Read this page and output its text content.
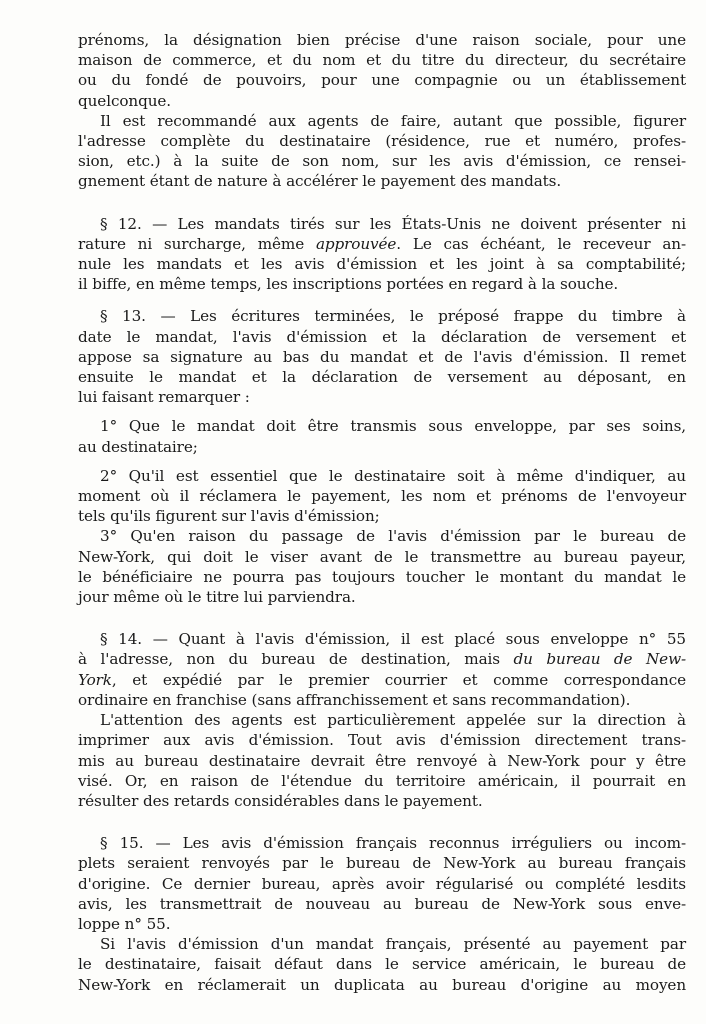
prénoms, la désignation bien précise d'une raison sociale, pour une
maison de commerce, et du nom et du titre du directeur, du secrétaire
ou du fondé de pouvoirs, pour une compagnie ou un établissement
quelconque.
Il est recommandé aux agents de faire, autant que possible, figurer
l'adresse complète du destinataire (résidence, rue et numéro, profes-
sion, etc.) à la suite de son nom, sur les avis d'émission, ce rensei-
gnement étant de nature à accélérer le payement des mandats.
§ 12. — Les mandats tirés sur les États-Unis ne doivent présenter ni
rature ni surcharge, même approuvée. Le cas échéant, le receveur an-
nule les mandats et les avis d'émission et les joint à sa comptabilité;
il biffe, en même temps, les inscriptions portées en regard à la souche.
§ 13. — Les écritures terminées, le préposé frappe du timbre à
date le mandat, l'avis d'émission et la déclaration de versement et
appose sa signature au bas du mandat et de l'avis d'émission. Il remet
ensuite le mandat et la déclaration de versement au déposant, en
lui faisant remarquer :
1° Que le mandat doit être transmis sous enveloppe, par ses soins,
au destinataire;
2° Qu'il est essentiel que le destinataire soit à même d'indiquer, au
moment où il réclamera le payement, les nom et prénoms de l'envoyeur
tels qu'ils figurent sur l'avis d'émission;
3° Qu'en raison du passage de l'avis d'émission par le bureau de
New-York, qui doit le viser avant de le transmettre au bureau payeur,
le bénéficiaire ne pourra pas toujours toucher le montant du mandat le
jour même où le titre lui parviendra.
§ 14. — Quant à l'avis d'émission, il est placé sous enveloppe n° 55
à l'adresse, non du bureau de destination, mais du bureau de New-
York, et expédié par le premier courrier et comme correspondance
ordinaire en franchise (sans affranchissement et sans recommandation).
L'attention des agents est particulièrement appelée sur la direction à
imprimer aux avis d'émission. Tout avis d'émission directement trans-
mis au bureau destinataire devrait être renvoyé à New-York pour y être
visé. Or, en raison de l'étendue du territoire américain, il pourrait en
résulter des retards considérables dans le payement.
§ 15. — Les avis d'émission français reconnus irréguliers ou incom-
plets seraient renvoyés par le bureau de New-York au bureau français
d'origine. Ce dernier bureau, après avoir régularisé ou complété lesdits
avis, les transmettrait de nouveau au bureau de New-York sous enve-
loppe n° 55.
Si l'avis d'émission d'un mandat français, présenté au payement par
le destinataire, faisait défaut dans le service américain, le bureau de
New-York en réclamerait un duplicata au bureau d'origine au moyen
